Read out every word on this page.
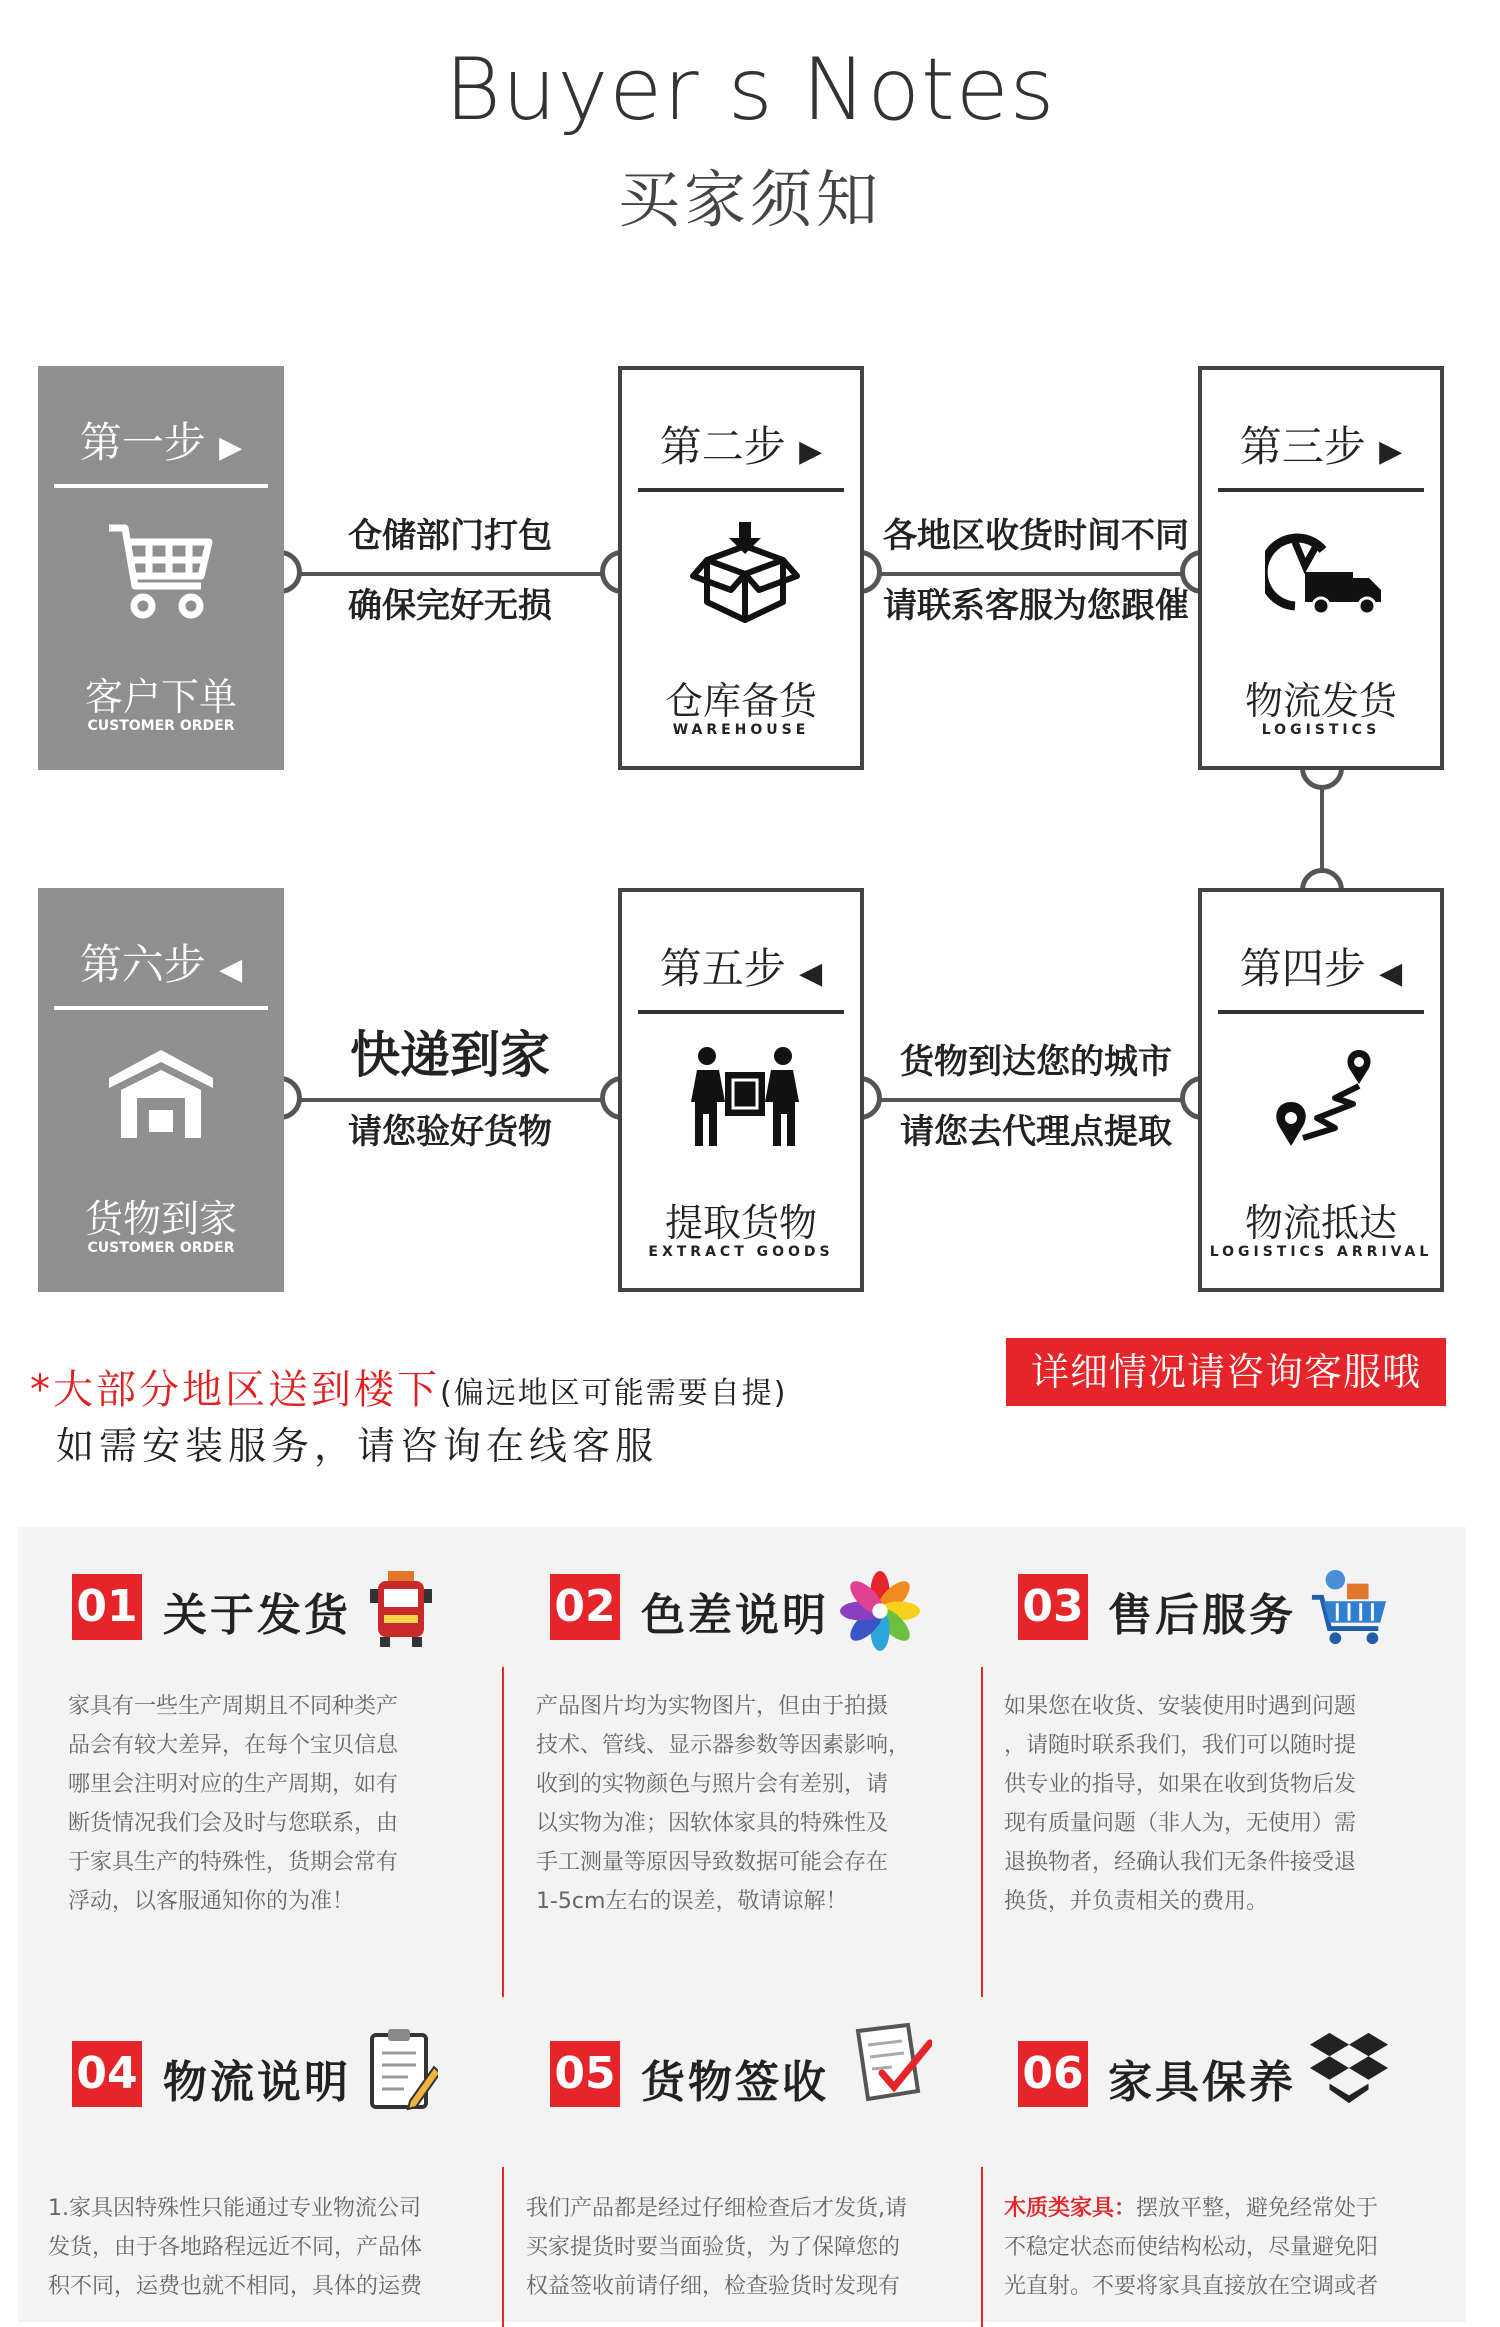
Buyer s Notes
买家须知
仓储部门打包
确保完好无损
各地区收货时间不同
请联系客服为您跟催
快递到家
请您验好货物
货物到达您的城市
请您去代理点提取
第一步 ▶
客户下单
CUSTOMER ORDER
第二步 ▶
仓库备货
WAREHOUSE
第三步 ▶
物流发货
LOGISTICS
第六步 ◀
货物到家
CUSTOMER ORDER
第五步 ◀
提取货物
EXTRACT GOODS
第四步 ◀
物流抵达
LOGISTICS ARRIVAL
*大部分地区送到楼下(偏远地区可能需要自提)
如需安装服务，请咨询在线客服
详细情况请咨询客服哦
01 关于发货
家具有一些生产周期且不同种类产
品会有较大差异，在每个宝贝信息
哪里会注明对应的生产周期，如有
断货情况我们会及时与您联系，由
于家具生产的特殊性，货期会常有
浮动，以客服通知你的为准！
02 色差说明
产品图片均为实物图片，但由于拍摄
技术、管线、显示器参数等因素影响，
收到的实物颜色与照片会有差别，请
以实物为准；因软体家具的特殊性及
手工测量等原因导致数据可能会存在
1-5cm左右的误差，敬请谅解！
03 售后服务
如果您在收货、安装使用时遇到问题
，请随时联系我们，我们可以随时提
供专业的指导，如果在收到货物后发
现有质量问题（非人为，无使用）需
退换物者，经确认我们无条件接受退
换货，并负责相关的费用。
04 物流说明
1.家具因特殊性只能通过专业物流公司
发货，由于各地路程远近不同，产品体
积不同，运费也就不相同，具体的运费
05 货物签收
我们产品都是经过仔细检查后才发货,请
买家提货时要当面验货，为了保障您的
权益签收前请仔细，检查验货时发现有
06 家具保养
木质类家具：摆放平整，避免经常处于
不稳定状态而使结构松动，尽量避免阳
光直射。不要将家具直接放在空调或者
